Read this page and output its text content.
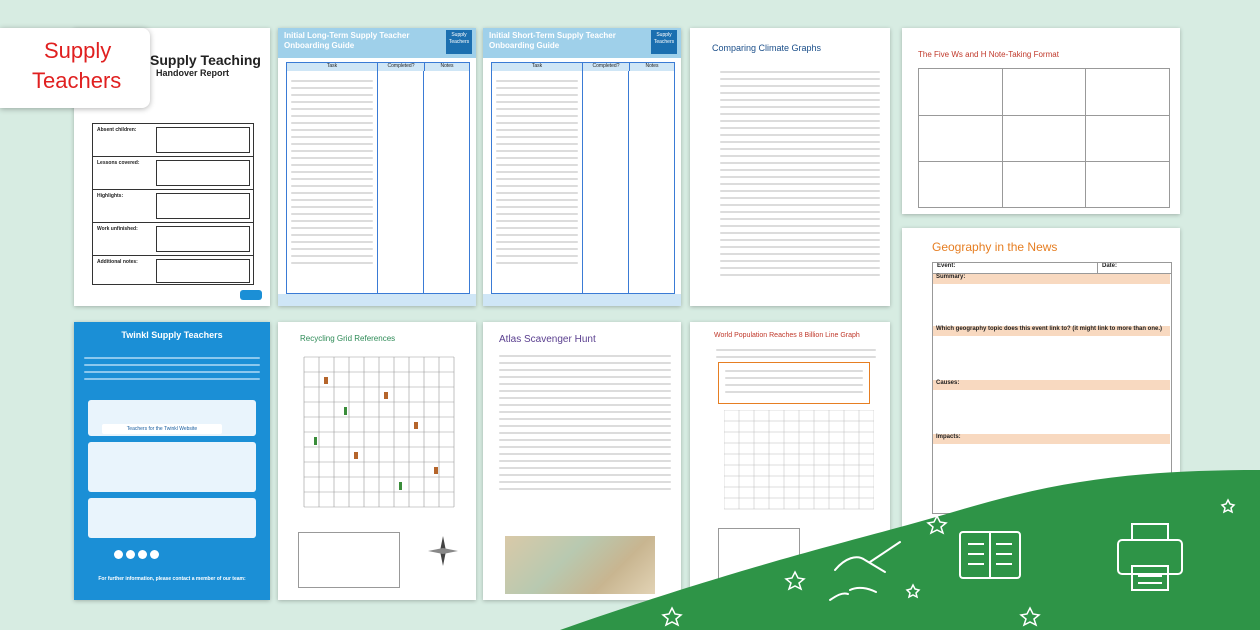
Supply Teaching
Handover Report
Absent children:
Lessons covered:
Highlights:
Work unfinished:
Additional notes:
Initial Long-Term Supply Teacher Onboarding Guide
Supply Teachers
Task	Completed?	Notes
Initial Short-Term Supply Teacher Onboarding Guide
Supply Teachers
Task	Completed?	Notes
Comparing Climate Graphs
The Five Ws and H Note-Taking Format
Geography in the News
Event:	Date:
Summary:
Which geography topic does this event link to? (it might link to more than one.)
Causes:
Impacts:
Twinkl Supply Teachers
Teachers for the Twinkl Website
For further information, please contact a member of our team:
Recycling Grid References	Atlas Scavenger Hunt	World Population Reaches 8 Billion Line Graph
Supply
Teachers
